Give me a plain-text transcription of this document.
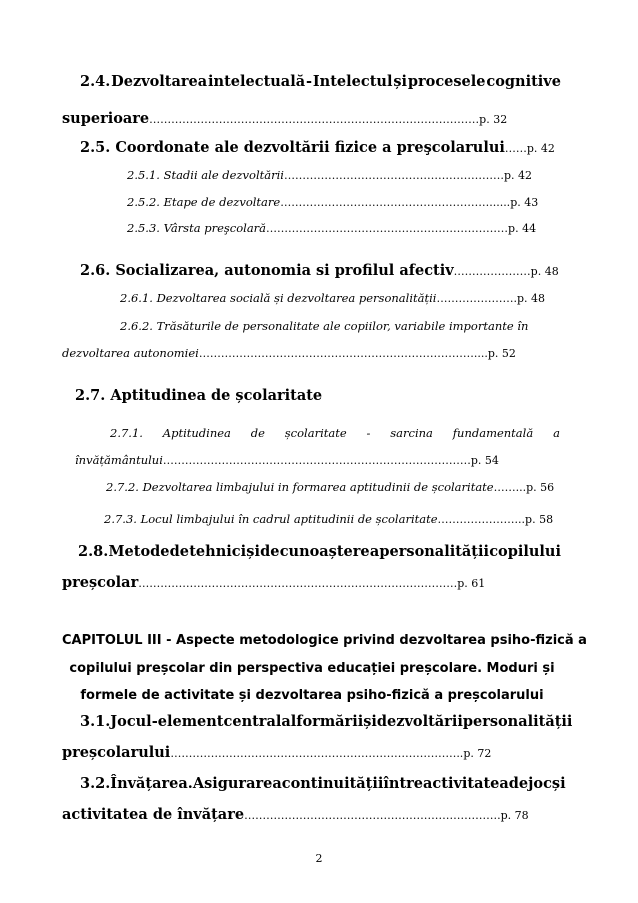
2.4. Dezvoltarea intelectuală - Intelectul și procesele cognitive
superioare………………………………………………………………………………p. 32
2.5. Coordonate ale dezvoltării fizice a preşcolarului……p. 42
2.5.1. Stadii ale dezvoltării……………………………………………………p. 42
2.5.2. Etape de dezvoltare…………………………………………………......p. 43
2.5.3. Vârsta preşcolară…………………………………………………………p. 44
2.6. Socializarea, autonomia si profilul afectiv…………………p. 48
2.6.1. Dezvoltarea socială și dezvoltarea personalității………………….p. 48
2.6.2. Trăsăturile de personalitate ale copiilor, variabile importante în
dezvoltarea autonomiei…………………………………………………………………....p. 52
2.7. Aptitudinea de școlaritate
2.7.1. Aptitudinea de școlaritate - sarcina fundamentală a
învățământului…………………………………………………………………………p. 54
2.7.2. Dezvoltarea limbajului in formarea aptitudinii de școlaritate……...p. 56
2.7.3. Locul limbajului în cadrul aptitudinii de școlaritate…………………...p. 58
2.8. Metode de tehnici și de cunoaștere a personalității copilului
preșcolar……………………………………………………………………………p. 61
CAPITOLUL III - Aspecte metodologice privind dezvoltarea psiho-fizică a
copilului preșcolar din perspectiva educației preșcolare. Moduri și
formele de activitate și dezvoltarea psiho-fizică a preșcolarului
3.1. Jocul - element central al formării și dezvoltării personalității
preșcolarului……………………………………………………………………..p. 72
3.2. Învățarea. Asigurarea continuității între activitatea de joc și
activitatea de învățare…………………………………………………………….p. 78
2
